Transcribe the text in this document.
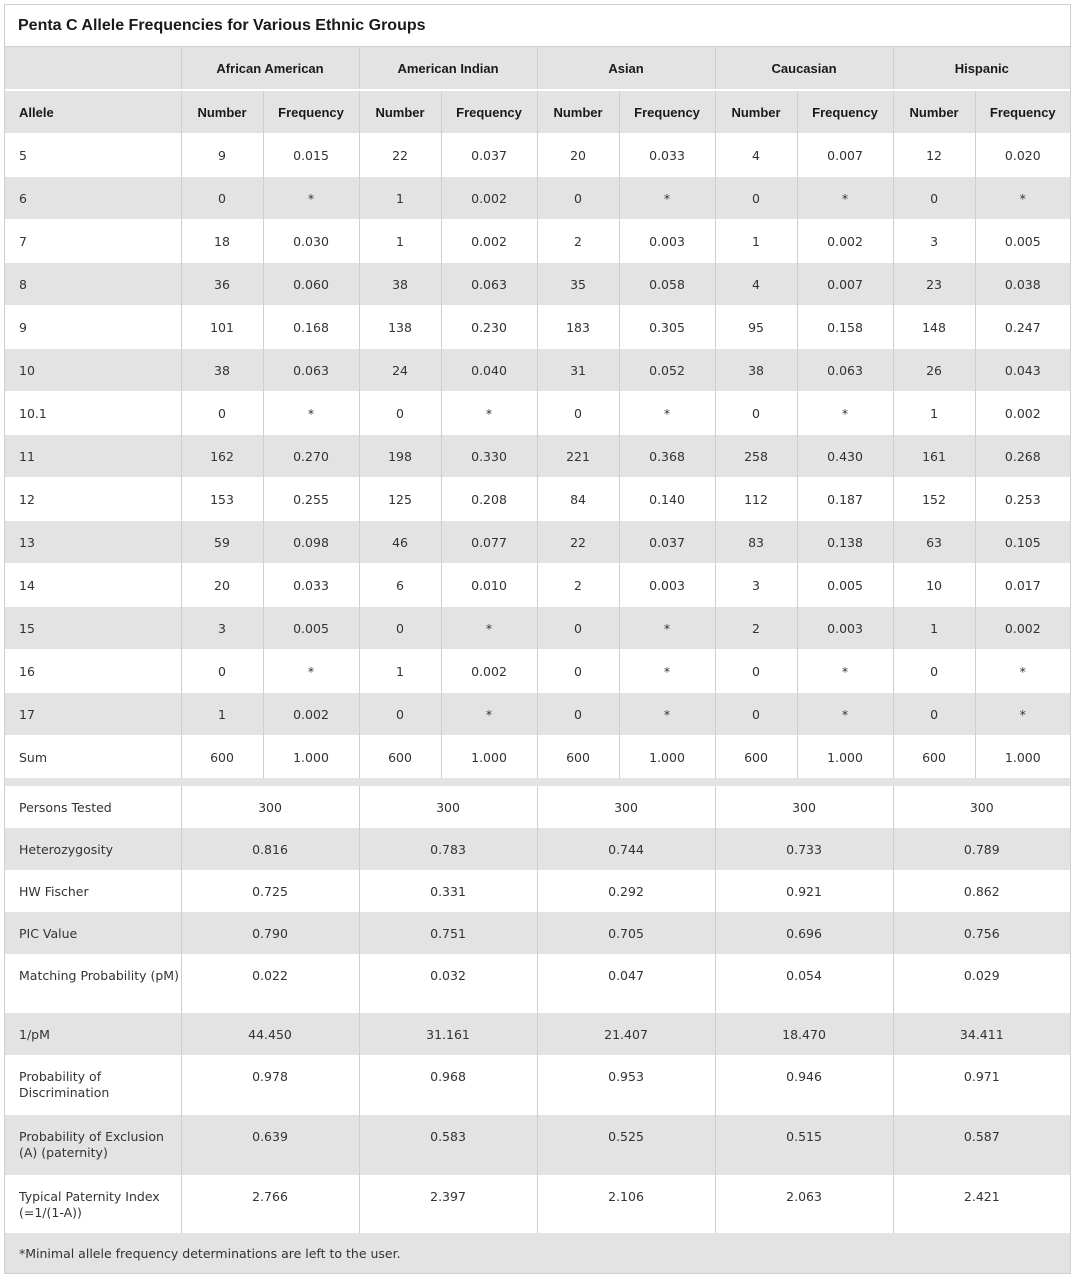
Penta C Allele Frequencies for Various Ethnic Groups
	African American		American Indian		Asian		Caucasian		Hispanic	
Allele	Number	Frequency	Number	Frequency	Number	Frequency	Number	Frequency	Number	Frequency
5	9	0.015	22	0.037	20	0.033	4	0.007	12	0.020
6	0	*	1	0.002	0	*	0	*	0	*
7	18	0.030	1	0.002	2	0.003	1	0.002	3	0.005
8	36	0.060	38	0.063	35	0.058	4	0.007	23	0.038
9	101	0.168	138	0.230	183	0.305	95	0.158	148	0.247
10	38	0.063	24	0.040	31	0.052	38	0.063	26	0.043
10.1	0	*	0	*	0	*	0	*	1	0.002
11	162	0.270	198	0.330	221	0.368	258	0.430	161	0.268
12	153	0.255	125	0.208	84	0.140	112	0.187	152	0.253
13	59	0.098	46	0.077	22	0.037	83	0.138	63	0.105
14	20	0.033	6	0.010	2	0.003	3	0.005	10	0.017
15	3	0.005	0	*	0	*	2	0.003	1	0.002
16	0	*	1	0.002	0	*	0	*	0	*
17	1	0.002	0	*	0	*	0	*	0	*
Sum	600	1.000	600	1.000	600	1.000	600	1.000	600	1.000

Persons Tested	300		300		300		300		300	
Heterozygosity	0.816		0.783		0.744		0.733		0.789	
HW Fischer	0.725		0.331		0.292		0.921		0.862	
PIC Value	0.790		0.751		0.705		0.696		0.756	
Matching Probability (pM)	0.022		0.032		0.047		0.054		0.029	
1/pM	44.450		31.161		21.407		18.470		34.411	
Probability of Discrimination	0.978		0.968		0.953		0.946		0.971	
Probability of Exclusion (A) (paternity)	0.639		0.583		0.525		0.515		0.587	
Typical Paternity Index (=1/(1-A))	2.766		2.397		2.106		2.063		2.421	
*Minimal allele frequency determinations are left to the user.										
